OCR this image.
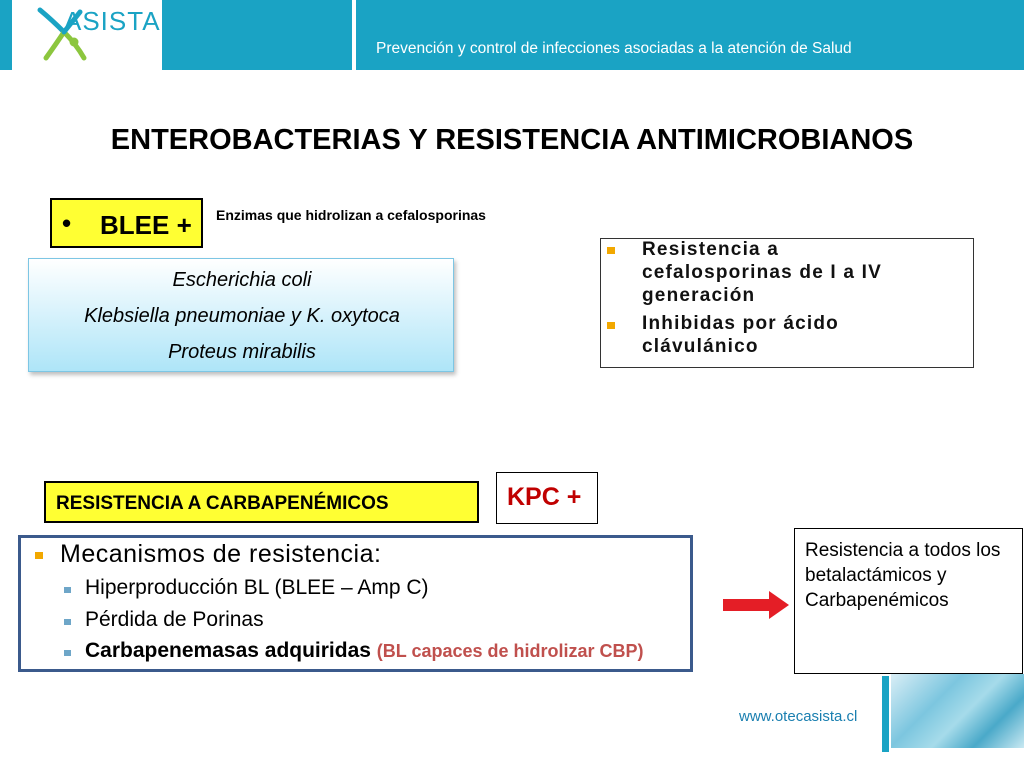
ASISTA
Prevención y control de infecciones asociadas a la atención de Salud
ENTEROBACTERIAS Y RESISTENCIA ANTIMICROBIANOS
• BLEE + Enzimas que hidrolizan a cefalosporinas
Escherichia coli
Klebsiella pneumoniae y K. oxytoca
Proteus mirabilis
Resistencia a
cefalosporinas de I a IV
generación
Inhibidas por ácido
clávulánico
RESISTENCIA A CARBAPENÉMICOS	KPC +
Mecanismos de resistencia:
Hiperproducción BL (BLEE – Amp C)
Pérdida de Porinas
Carbapenemasas adquiridas (BL capaces de hidrolizar CBP)
Resistencia a todos los betalactámicos y Carbapenémicos
www.otecasista.cl
